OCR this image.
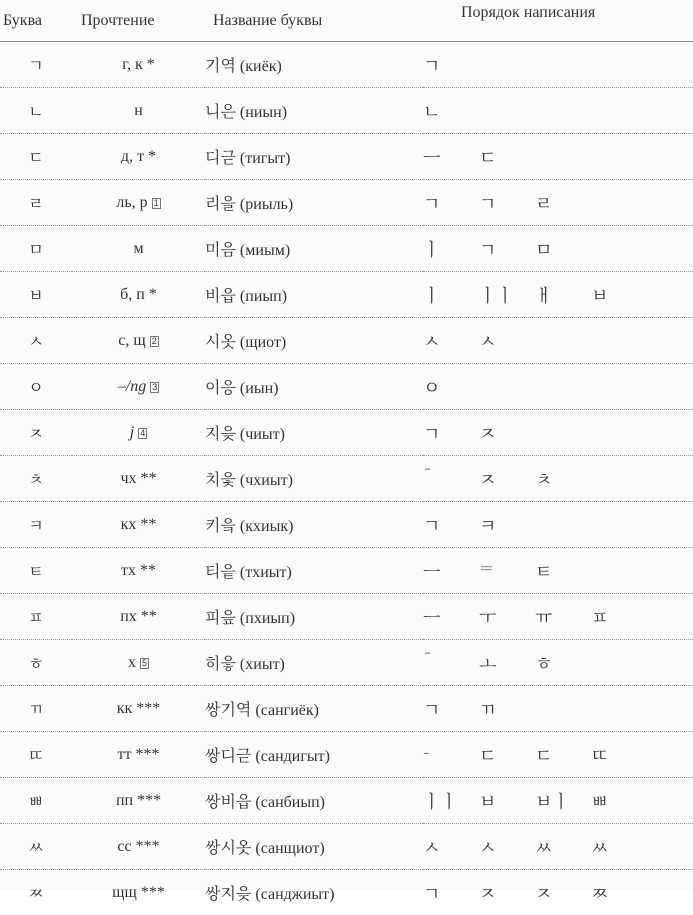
Буква	Прочтение	Название буквы	Порядок написания
ㄱ	г, к *	기역 (киёк)	ㄱ

ㄴ	н	니은 (ниын)	ㄴ

ㄷ	д, т *	디귿 (тигыт)	ㅡ ㄷ

ㄹ	ль, р 1	리을 (риыль)	ㄱ ㄱ ㄹ

ㅁ	м	미음 (миым)	ㅣ ㄱ ㅁ

ㅂ	б, п *	비읍 (пиып)	ㅣ ㅣㅣ ㅐ ㅂ

ㅅ	с, щ 2	시옷 (щиот)	ㅅ ㅅ

ㅇ	–/ng 3	이응 (иын)	ㅇ

ㅈ	j 4	지읒 (чиыт)	ㄱ ㅈ

ㅊ	чх **	치읓 (чхиыт)	ˉ ㅈ ㅊ

ㅋ	кх **	키읔 (кхиык)	ㄱ ㅋ

ㅌ	тх **	티읕 (тхиыт)	ㅡ = ㅌ

ㅍ	пх **	피읖 (пхиып)	ㅡ ㅜ ㅠ ㅍ

ㅎ	х 5	히읗 (хиыт)	ˉ ㅗ ㅎ

ㄲ	кк ***	쌍기역 (сангиёк)	ㄱ ㄲ

ㄸ	тт ***	쌍디귿 (сандигыт)	- ㄷ ㄷ ㄸ

ㅃ	пп ***	쌍비읍 (санбиып)	ㅣㅣ ㅂ ㅂㅣ ㅃ

ㅆ	сс ***	쌍시옷 (санщиот)	ㅅ ㅅ ㅆ ㅆ

ㅉ	щщ ***	쌍지읒 (санджиыт)	ㄱ ㅈ ㅈ ㅉ
